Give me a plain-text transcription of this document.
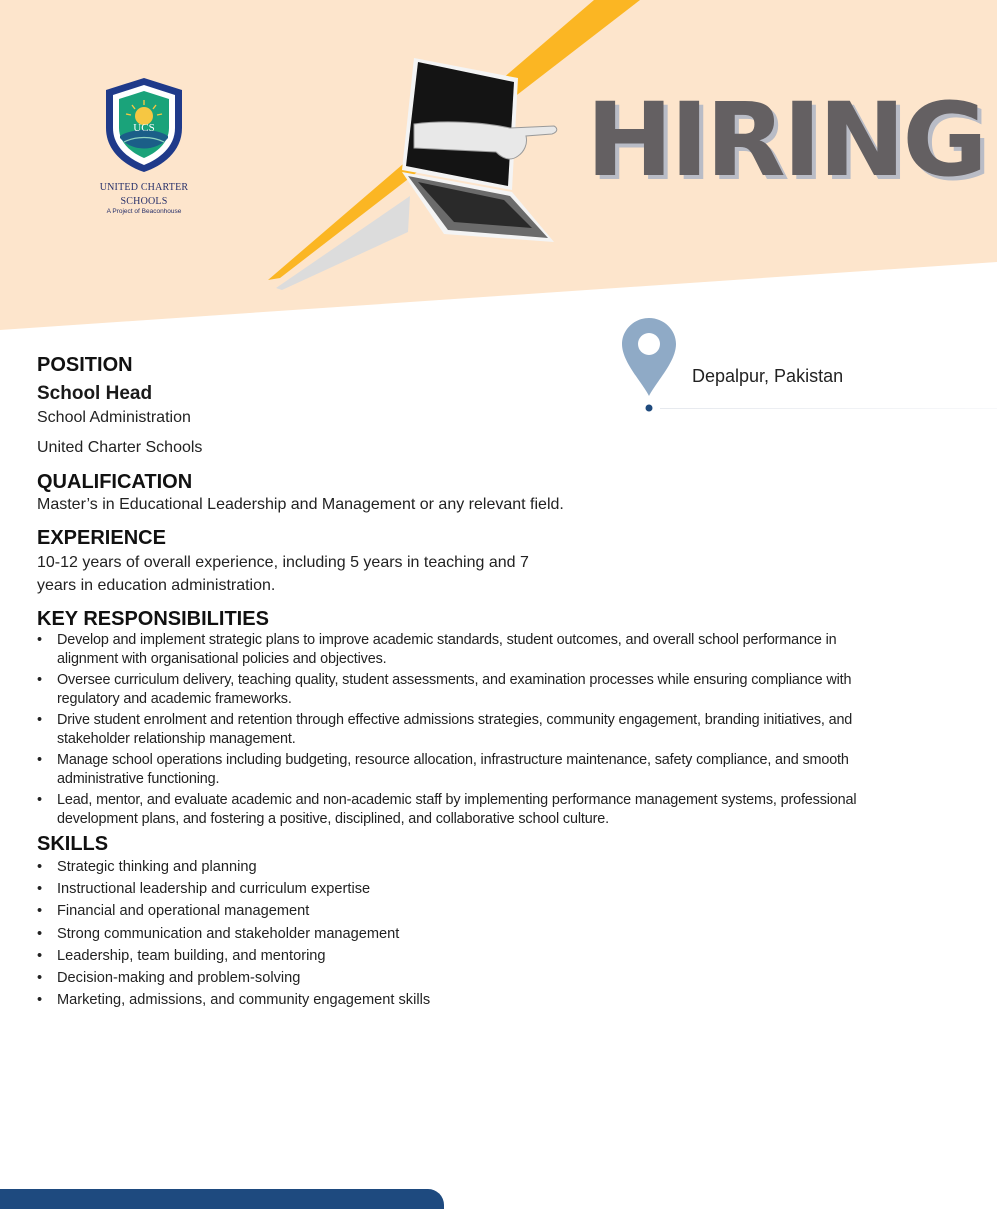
UCS
UNITED CHARTER
SCHOOLS
A Project of Beaconhouse
HIRING
Depalpur, Pakistan
POSITION
School Head
School Administration
United Charter Schools
QUALIFICATION
Master’s in Educational Leadership and Management or any relevant field.
EXPERIENCE
10-12 years of overall experience, including 5 years in teaching and 7 years in education administration.
KEY RESPONSIBILITIES
• Develop and implement strategic plans to improve academic standards, student outcomes, and overall school performance in alignment with organisational policies and objectives.
• Oversee curriculum delivery, teaching quality, student assessments, and examination processes while ensuring compliance with regulatory and academic frameworks.
• Drive student enrolment and retention through effective admissions strategies, community engagement, branding initiatives, and stakeholder relationship management.
• Manage school operations including budgeting, resource allocation, infrastructure maintenance, safety compliance, and smooth administrative functioning.
• Lead, mentor, and evaluate academic and non-academic staff by implementing performance management systems, professional development plans, and fostering a positive, disciplined, and collaborative school culture.
SKILLS
• Strategic thinking and planning
• Instructional leadership and curriculum expertise
• Financial and operational management
• Strong communication and stakeholder management
• Leadership, team building, and mentoring
• Decision-making and problem-solving
• Marketing, admissions, and community engagement skills
